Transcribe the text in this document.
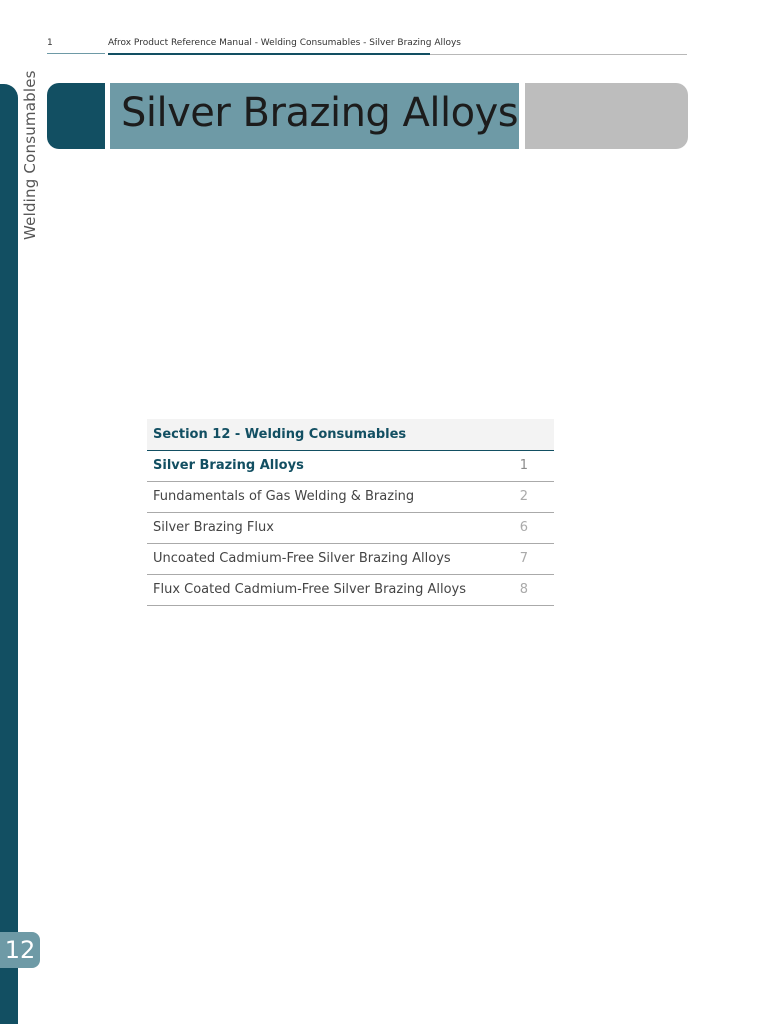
Welding Consumables
12
1	Afrox Product Reference Manual - Welding Consumables - Silver Brazing Alloys
Silver Brazing Alloys
Section 12 - Welding Consumables
Silver Brazing Alloys	1
Fundamentals of Gas Welding & Brazing	2
Silver Brazing Flux	6
Uncoated Cadmium-Free Silver Brazing Alloys	7
Flux Coated Cadmium-Free Silver Brazing Alloys	8
